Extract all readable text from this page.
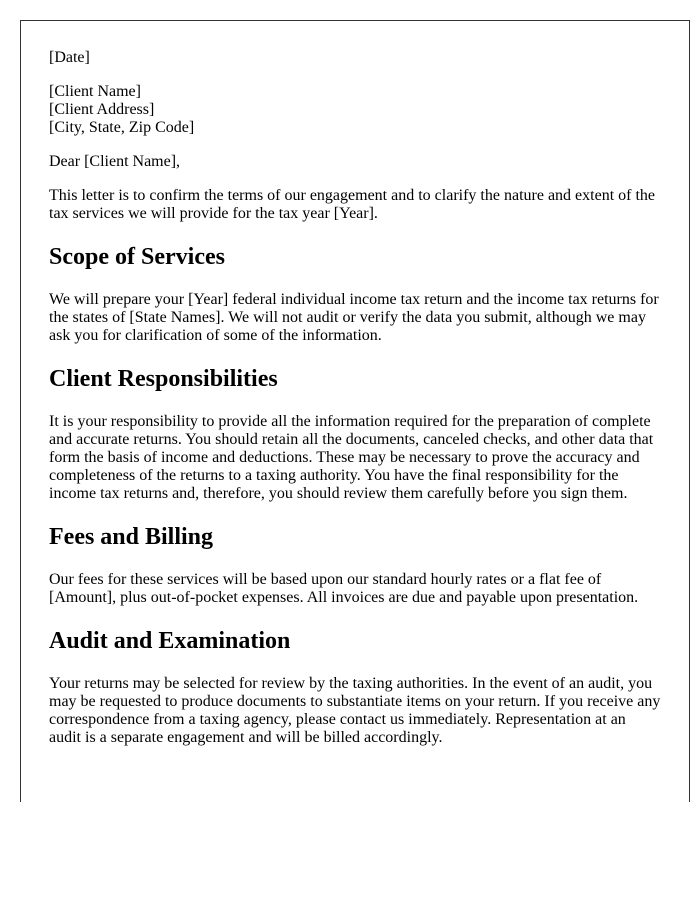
[Date]

[Client Name]
[Client Address]
[City, State, Zip Code]

Dear [Client Name],

This letter is to confirm the terms of our engagement and to clarify the nature and extent of the tax services we will provide for the tax year [Year].

Scope of Services

We will prepare your [Year] federal individual income tax return and the income tax returns for the states of [State Names]. We will not audit or verify the data you submit, although we may ask you for clarification of some of the information.

Client Responsibilities

It is your responsibility to provide all the information required for the preparation of complete and accurate returns. You should retain all the documents, canceled checks, and other data that form the basis of income and deductions. These may be necessary to prove the accuracy and completeness of the returns to a taxing authority. You have the final responsibility for the income tax returns and, therefore, you should review them carefully before you sign them.

Fees and Billing

Our fees for these services will be based upon our standard hourly rates or a flat fee of [Amount], plus out-of-pocket expenses. All invoices are due and payable upon presentation.

Audit and Examination

Your returns may be selected for review by the taxing authorities. In the event of an audit, you may be requested to produce documents to substantiate items on your return. If you receive any correspondence from a taxing agency, please contact us immediately. Representation at an audit is a separate engagement and will be billed accordingly.
